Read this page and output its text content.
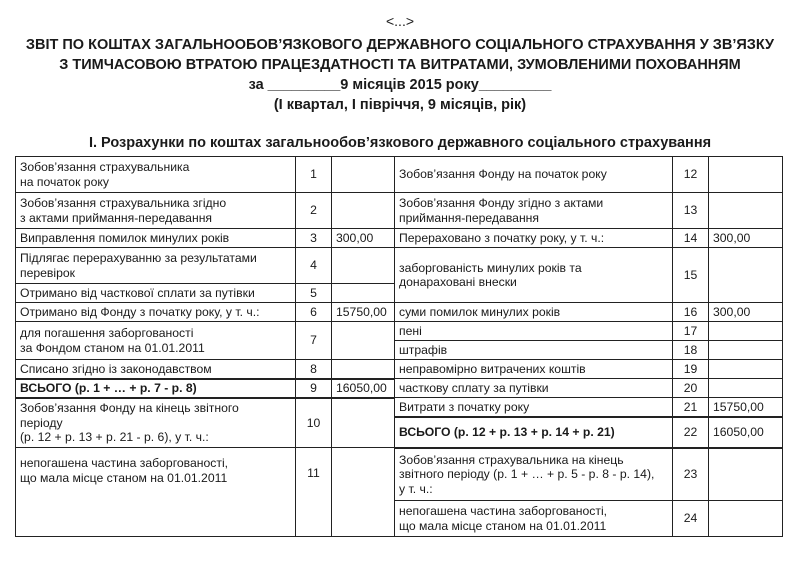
<...>
ЗВІТ ПО КОШТАХ ЗАГАЛЬНООБОВ’ЯЗКОВОГО ДЕРЖАВНОГО СОЦІАЛЬНОГО СТРАХУВАННЯ У ЗВ’ЯЗКУ
З ТИМЧАСОВОЮ ВТРАТОЮ ПРАЦЕЗДАТНОСТІ ТА ВИТРАТАМИ, ЗУМОВЛЕНИМИ ПОХОВАННЯМ
за _________9 місяців 2015 року_________
(І квартал, І півріччя, 9 місяців, рік)
І. Розрахунки по коштах загальнообов’язкового державного соціального страхування
Зобов’язання страхувальника
на початок року	1		Зобов’язання Фонду на початок року	12	
Зобов’язання страхувальника згідно
з актами приймання-передавання	2		Зобов’язання Фонду згідно з актами
приймання-передавання	13	
Виправлення помилок минулих років	3	300,00	Перераховано з початку року, у т. ч.:	14	300,00
Підлягає перерахуванню за результатами
перевірок	4		заборгованість минулих років та
донараховані внески	15	
Отримано від часткової сплати за путівки	5				
Отримано від Фонду з початку року, у т. ч.:	6	15750,00	суми помилок минулих років	16	300,00
для погашення заборгованості
за Фондом станом на 01.01.2011	7		пені	17	
			штрафів	18	
Списано згідно із законодавством	8		неправомірно витрачених коштів	19	
ВСЬОГО (р. 1 + … + р. 7 - р. 8)	9	16050,00	часткову сплату за путівки	20	
Зобов’язання Фонду на кінець звітного
періоду
(р. 12 + р. 13 + р. 21 - р. 6), у т. ч.:	10		Витрати з початку року	21	15750,00
			ВСЬОГО (р. 12 + р. 13 + р. 14 + р. 21)	22	16050,00
непогашена частина заборгованості,
що мала місце станом на 01.01.2011	11		Зобов’язання страхувальника на кінець
звітного періоду (р. 1 + … + р. 5 - р. 8 - р. 14),
у т. ч.:	23	
			непогашена частина заборгованості,
що мала місце станом на 01.01.2011	24	
